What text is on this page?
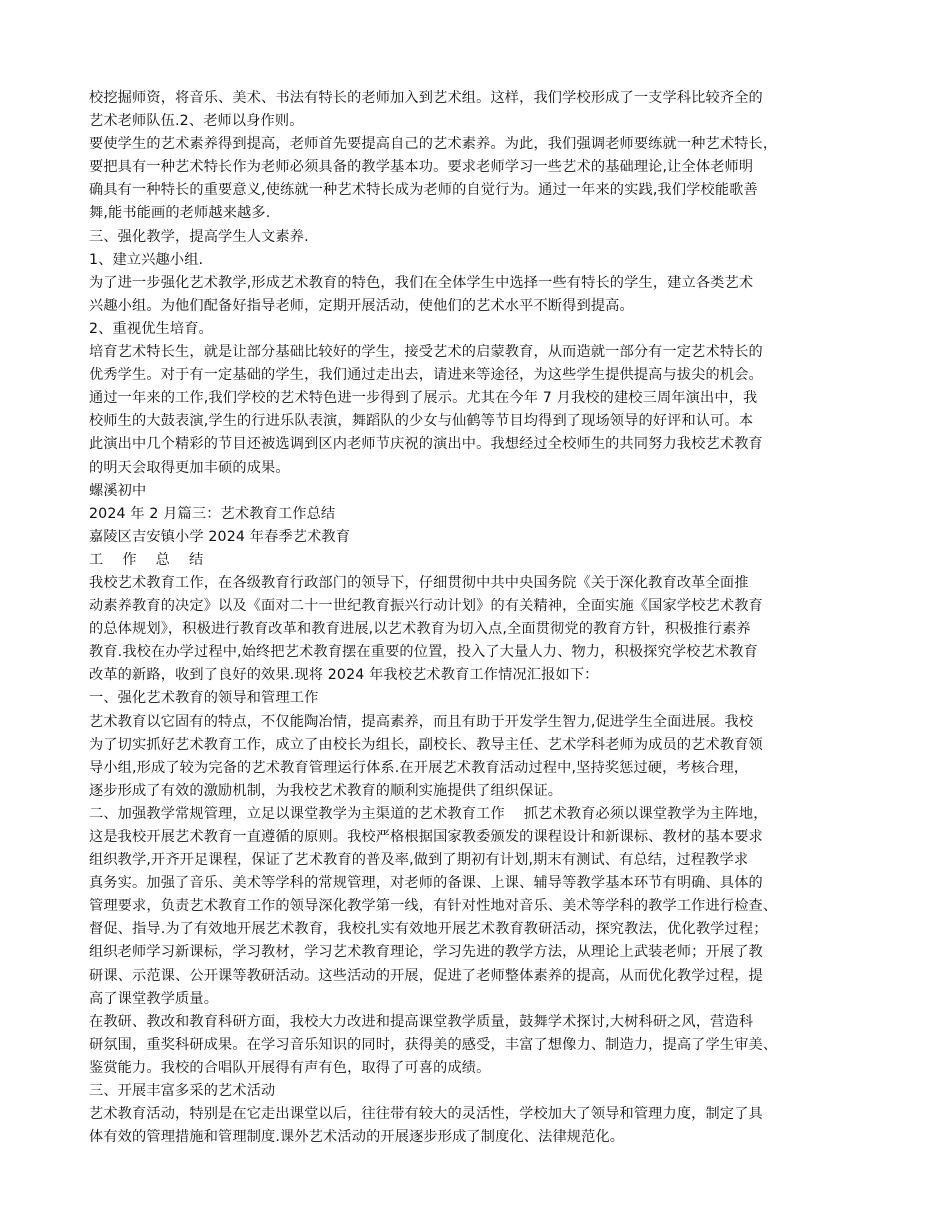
校挖掘师资，将音乐、美术、书法有特长的老师加入到艺术组。这样，我们学校形成了一支学科比较齐全的
艺术老师队伍.2、老师以身作则。
要使学生的艺术素养得到提高，老师首先要提高自己的艺术素养。为此，我们强调老师要练就一种艺术特长，
要把具有一种艺术特长作为老师必须具备的教学基本功。要求老师学习一些艺术的基础理论,让全体老师明
确具有一种特长的重要意义,使练就一种艺术特长成为老师的自觉行为。通过一年来的实践,我们学校能歌善
舞,能书能画的老师越来越多.
三、强化教学，提高学生人文素养.
1、建立兴趣小组.
为了进一步强化艺术教学,形成艺术教育的特色，我们在全体学生中选择一些有特长的学生，建立各类艺术
兴趣小组。为他们配备好指导老师，定期开展活动，使他们的艺术水平不断得到提高。
2、重视优生培育。
培育艺术特长生，就是让部分基础比较好的学生，接受艺术的启蒙教育，从而造就一部分有一定艺术特长的
优秀学生。对于有一定基础的学生，我们通过走出去，请进来等途径，为这些学生提供提高与拔尖的机会。
通过一年来的工作,我们学校的艺术特色进一步得到了展示。尤其在今年 7 月我校的建校三周年演出中，我
校师生的大鼓表演,学生的行进乐队表演，舞蹈队的少女与仙鹤等节目均得到了现场领导的好评和认可。本
此演出中几个精彩的节目还被选调到区内老师节庆祝的演出中。我想经过全校师生的共同努力我校艺术教育
的明天会取得更加丰硕的成果。
螺溪初中
2024 年 2 月篇三：艺术教育工作总结
嘉陵区吉安镇小学 2024 年春季艺术教育
工　 作　 总　 结
我校艺术教育工作，在各级教育行政部门的领导下，仔细贯彻中共中央国务院《关于深化教育改革全面推
动素养教育的决定》以及《面对二十一世纪教育振兴行动计划》的有关精神，全面实施《国家学校艺术教育
的总体规划》，积极进行教育改革和教育进展,以艺术教育为切入点,全面贯彻党的教育方针，积极推行素养
教育.我校在办学过程中,始终把艺术教育摆在重要的位置，投入了大量人力、物力，积极探究学校艺术教育
改革的新路，收到了良好的效果.现将 2024 年我校艺术教育工作情况汇报如下：
一、强化艺术教育的领导和管理工作
艺术教育以它固有的特点，不仅能陶冶情，提高素养，而且有助于开发学生智力,促进学生全面进展。我校
为了切实抓好艺术教育工作，成立了由校长为组长，副校长、教导主任、艺术学科老师为成员的艺术教育领
导小组,形成了较为完备的艺术教育管理运行体系.在开展艺术教育活动过程中,坚持奖惩过硬，考核合理，
逐步形成了有效的激励机制，为我校艺术教育的顺利实施提供了组织保证。
二、加强教学常规管理，立足以课堂教学为主渠道的艺术教育工作　 抓艺术教育必须以课堂教学为主阵地，
这是我校开展艺术教育一直遵循的原则。我校严格根据国家教委颁发的课程设计和新课标、教材的基本要求
组织教学,开齐开足课程，保证了艺术教育的普及率,做到了期初有计划,期末有测试、有总结，过程教学求
真务实。加强了音乐、美术等学科的常规管理，对老师的备课、上课、辅导等教学基本环节有明确、具体的
管理要求，负责艺术教育工作的领导深化教学第一线，有针对性地对音乐、美术等学科的教学工作进行检查、
督促、指导.为了有效地开展艺术教育，我校扎实有效地开展艺术教育教研活动，探究教法，优化教学过程；
组织老师学习新课标，学习教材，学习艺术教育理论，学习先进的教学方法，从理论上武装老师；开展了教
研课、示范课、公开课等教研活动。这些活动的开展，促进了老师整体素养的提高，从而优化教学过程，提
高了课堂教学质量。
在教研、教改和教育科研方面，我校大力改进和提高课堂教学质量，鼓舞学术探讨,大树科研之风，营造科
研氛围，重奖科研成果。在学习音乐知识的同时，获得美的感受，丰富了想像力、制造力，提高了学生审美、
鉴赏能力。我校的合唱队开展得有声有色，取得了可喜的成绩。
三、开展丰富多采的艺术活动
艺术教育活动，特别是在它走出课堂以后，往往带有较大的灵活性，学校加大了领导和管理力度，制定了具
体有效的管理措施和管理制度.课外艺术活动的开展逐步形成了制度化、法律规范化。
